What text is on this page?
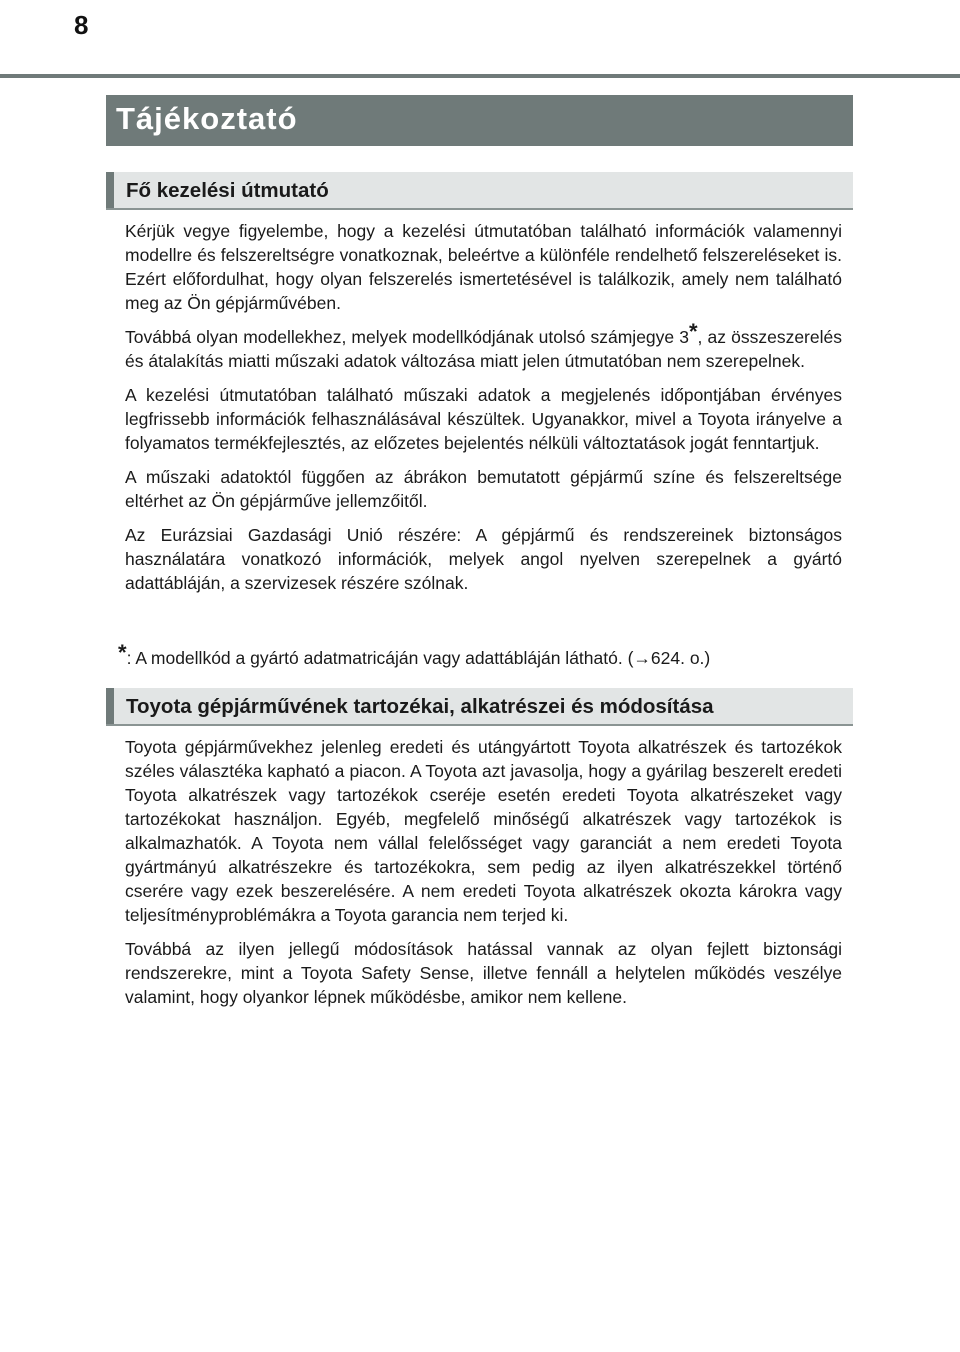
8
Tájékoztató
Fő kezelési útmutató

Kérjük vegye figyelembe, hogy a kezelési útmutatóban található információk valamennyi modellre és felszereltségre vonatkoznak, beleértve a különféle rendelhető felszereléseket is. Ezért előfordulhat, hogy olyan felszerelés ismertetésével is találkozik, amely nem található meg az Ön gépjárművében.

Továbbá olyan modellekhez, melyek modellkódjának utolsó számjegye 3*, az összeszerelés és átalakítás miatti műszaki adatok változása miatt jelen útmutatóban nem szerepelnek.

A kezelési útmutatóban található műszaki adatok a megjelenés időpontjában érvényes legfrissebb információk felhasználásával készültek. Ugyanakkor, mivel a Toyota irányelve a folyamatos termékfejlesztés, az előzetes bejelentés nélküli változtatások jogát fenntartjuk.

A műszaki adatoktól függően az ábrákon bemutatott gépjármű színe és felszereltsége eltérhet az Ön gépjárműve jellemzőitől.

Az Eurázsiai Gazdasági Unió részére: A gépjármű és rendszereinek biztonságos használatára vonatkozó információk, melyek angol nyelven szerepelnek a gyártó adattábláján, a szervizesek részére szólnak.

*: A modellkód a gyártó adatmatricáján vagy adattábláján látható. (→624. o.)
Toyota gépjárművének tartozékai, alkatrészei és módosítása

Toyota gépjárművekhez jelenleg eredeti és utángyártott Toyota alkatrészek és tartozékok széles választéka kapható a piacon. A Toyota azt javasolja, hogy a gyárilag beszerelt eredeti Toyota alkatrészek vagy tartozékok cseréje esetén eredeti Toyota alkatrészeket vagy tartozékokat használjon. Egyéb, megfelelő minőségű alkatrészek vagy tartozékok is alkalmazhatók. A Toyota nem vállal felelősséget vagy garanciát a nem eredeti Toyota gyártmányú alkatrészekre és tartozékokra, sem pedig az ilyen alkatrészekkel történő cserére vagy ezek beszerelésére. A nem eredeti Toyota alkatrészek okozta károkra vagy teljesítményproblémákra a Toyota garancia nem terjed ki.

Továbbá az ilyen jellegű módosítások hatással vannak az olyan fejlett biztonsági rendszerekre, mint a Toyota Safety Sense, illetve fennáll a helytelen működés veszélye valamint, hogy olyankor lépnek működésbe, amikor nem kellene.
